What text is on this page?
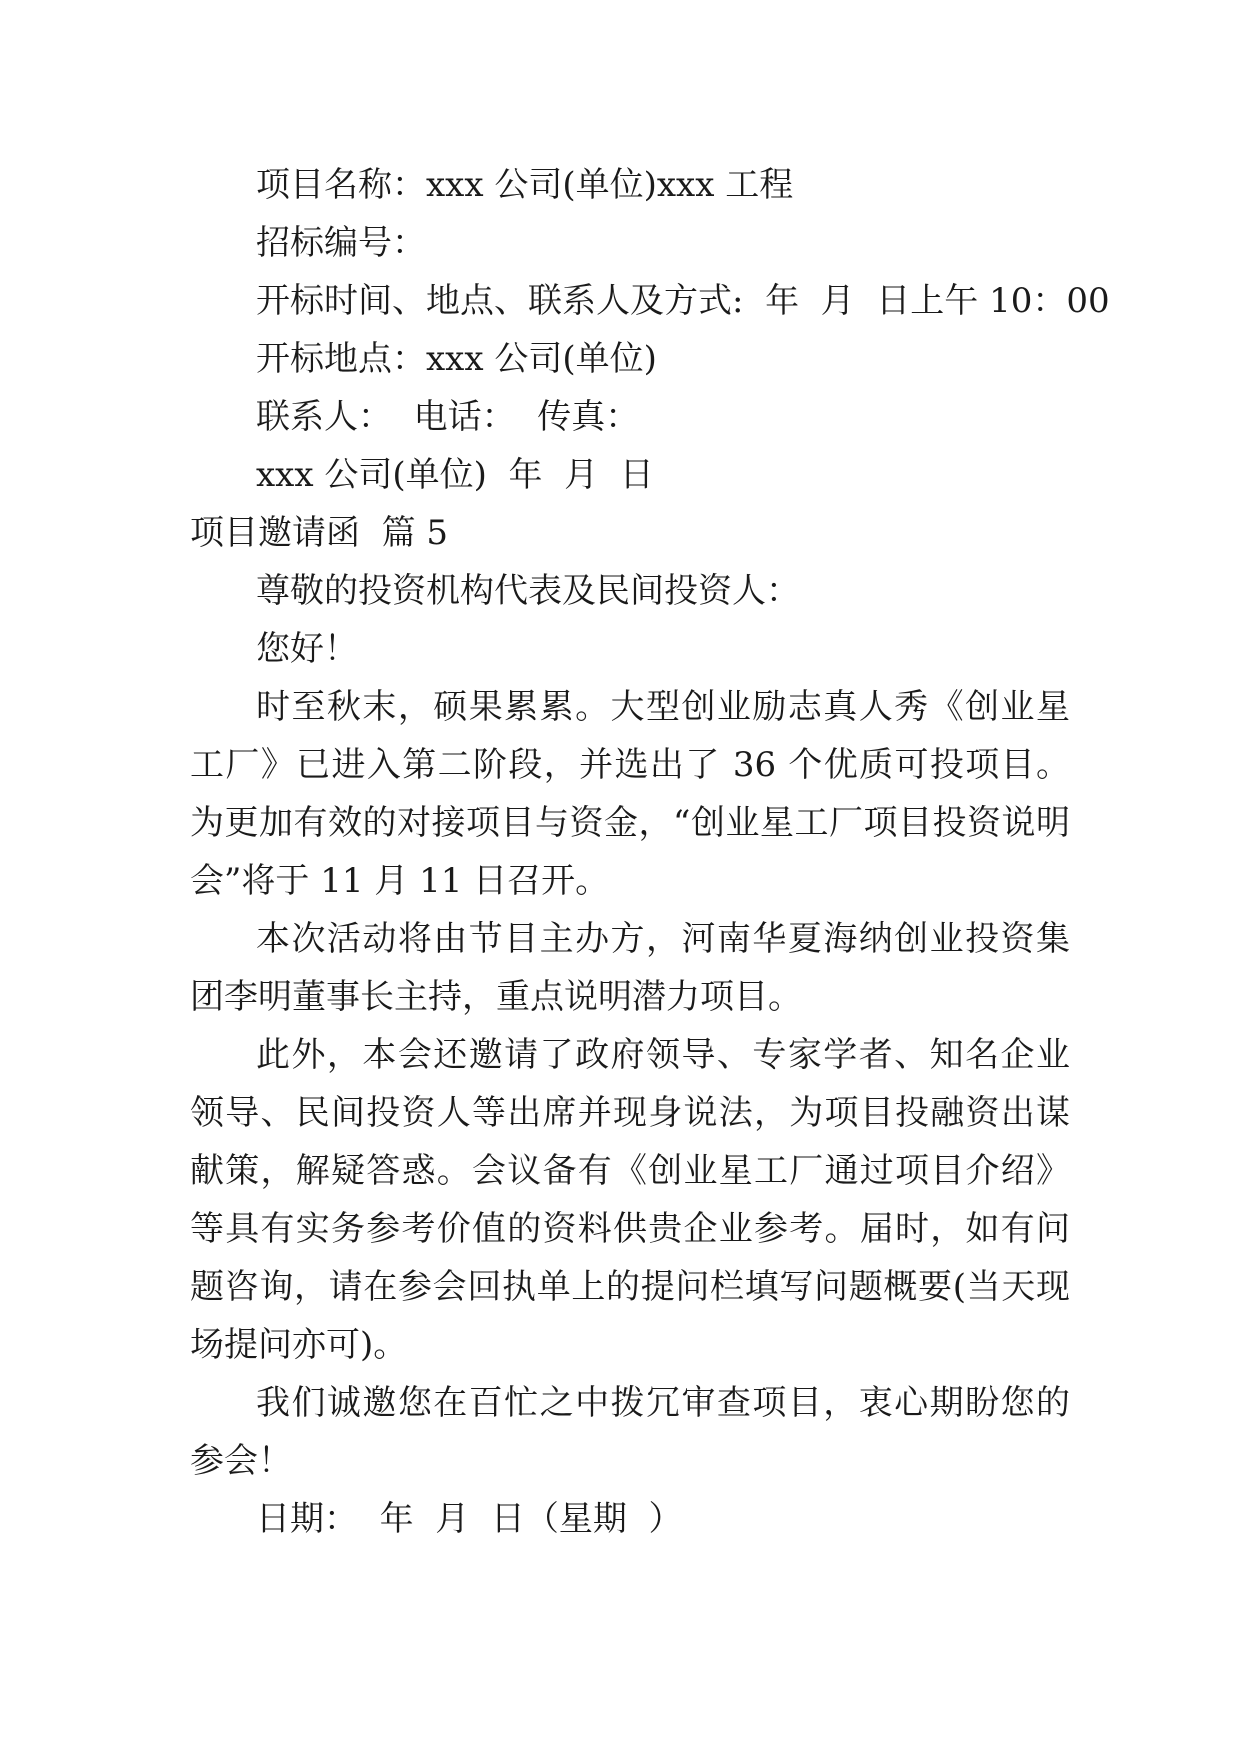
项目名称：xxx 公司(单位)xxx 工程
招标编号：
开标时间、地点、联系人及方式:  年  月  日上午 10：00
开标地点：xxx 公司(单位)
联系人：  电话：  传真：
xxx 公司(单位)  年  月  日
项目邀请函  篇 5
尊敬的投资机构代表及民间投资人：
您好！

时至秋末，硕果累累。大型创业励志真人秀《创业星工厂》已进入第二阶段，并选出了 36 个优质可投项目。为更加有效的对接项目与资金，“创业星工厂项目投资说明会”将于 11 月 11 日召开。

本次活动将由节目主办方，河南华夏海纳创业投资集团李明董事长主持，重点说明潜力项目。

此外，本会还邀请了政府领导、专家学者、知名企业领导、民间投资人等出席并现身说法，为项目投融资出谋献策，解疑答惑。会议备有《创业星工厂通过项目介绍》等具有实务参考价值的资料供贵企业参考。届时，如有问题咨询，请在参会回执单上的提问栏填写问题概要(当天现场提问亦可)。

我们诚邀您在百忙之中拨冗审查项目，衷心期盼您的参会！

日期：  年  月  日（星期  ）
